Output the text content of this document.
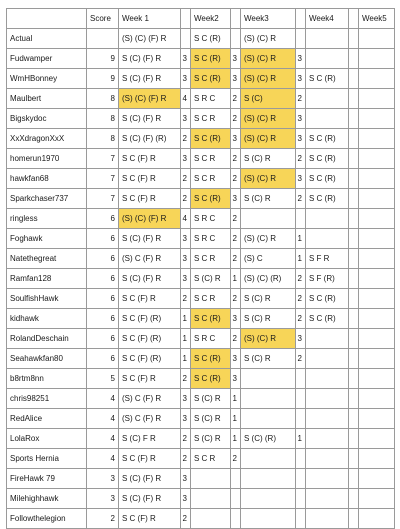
	Score	Week 1		Week2		Week3		Week4		Week5
Actual		(S) (C) (F) R		S C (R)		(S) (C) R				
Fudwamper	9	S (C) (F) R	3	S C (R)	3	(S) (C) R	3			
WmHBonney	9	S (C) (F) R	3	S C (R)	3	(S) (C) R	3	S C (R)		
Maulbert	8	(S) (C) (F) R	4	S R C	2	S (C)	2			
Bigskydoc	8	S (C) (F) R	3	S C R	2	(S) (C) R	3			
XxXdragonXxX	8	S (C) (F) (R)	2	S C (R)	3	(S) (C) R	3	S C (R)		
homerun1970	7	S C (F) R	3	S C R	2	S (C) R	2	S C (R)		
hawkfan68	7	S C (F) R	2	S C R	2	(S) (C) R	3	S C (R)		
Sparkchaser737	7	S C (F) R	2	S C (R)	3	S (C) R	2	S C (R)		
ringless	6	(S) (C) (F) R	4	S R C	2					
Foghawk	6	S (C) (F) R	3	S R C	2	(S) (C) R	1			
Natethegreat	6	(S) C (F) R	3	S C R	2	(S) C	1	S F R		
Ramfan128	6	S (C) (F) R	3	S (C) R	1	(S) (C) (R)	2	S F (R)		
SoulfishHawk	6	S C (F) R	2	S C R	2	S (C) R	2	S C (R)		
kidhawk	6	S C (F) (R)	1	S C (R)	3	S (C) R	2	S C (R)		
RolandDeschain	6	S C (F) (R)	1	S R C	2	(S) (C) R	3			
Seahawkfan80	6	S C (F) (R)	1	S C (R)	3	S (C) R	2			
b8rtm8nn	5	S C (F) R	2	S C (R)	3					
chris98251	4	(S) C (F) R	3	S (C) R	1					
RedAlice	4	(S) C (F) R	3	S (C) R	1					
LolaRox	4	S (C) F R	2	S (C) R	1	S (C) (R)	1			
Sports Hernia	4	S C (F) R	2	S C R	2					
FireHawk 79	3	S (C) (F) R	3							
Milehighhawk	3	S (C) (F) R	3							
Followthelegion	2	S C (F) R	2							
